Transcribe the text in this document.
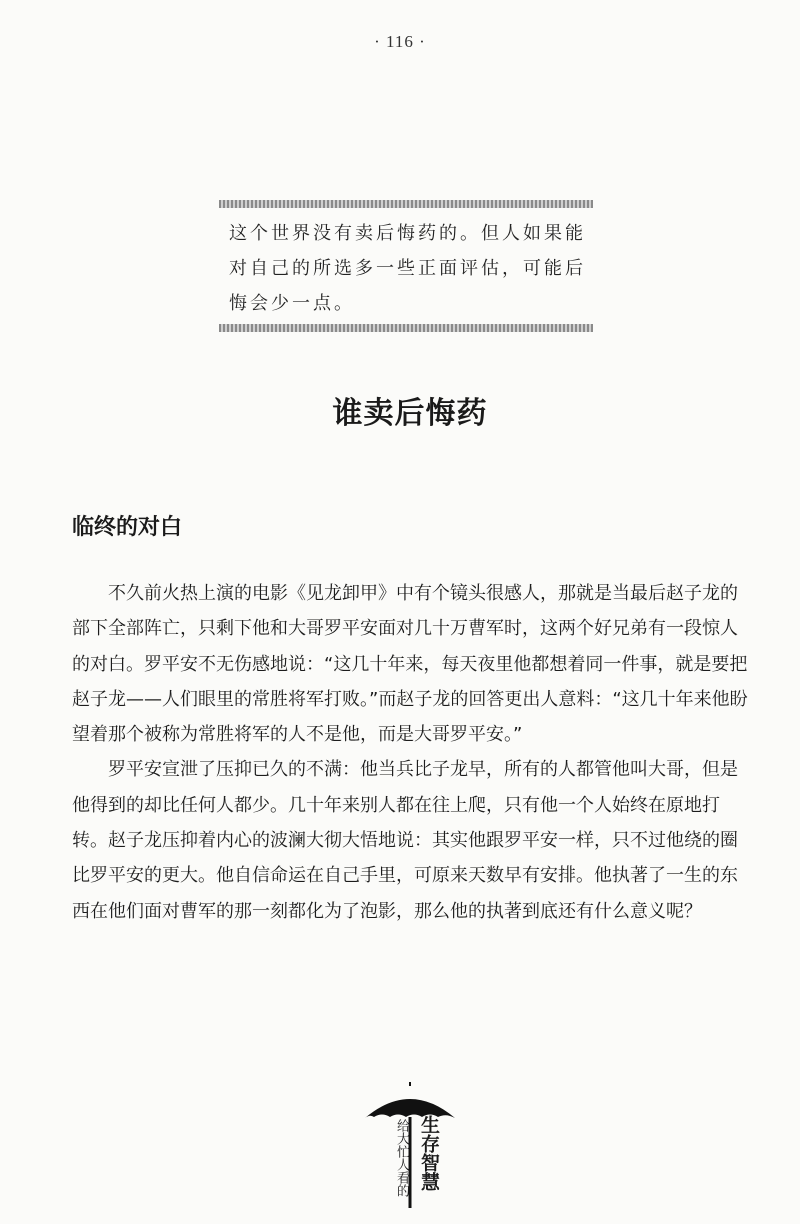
· 116 ·
这个世界没有卖后悔药的。但人如果能对自己的所选多一些正面评估，可能后悔会少一点。
谁卖后悔药
临终的对白

不久前火热上演的电影《见龙卸甲》中有个镜头很感人，那就是当最后赵子龙的部下全部阵亡，只剩下他和大哥罗平安面对几十万曹军时，这两个好兄弟有一段惊人的对白。罗平安不无伤感地说：“这几十年来，每天夜里他都想着同一件事，就是要把赵子龙——人们眼里的常胜将军打败。”而赵子龙的回答更出人意料：“这几十年来他盼望着那个被称为常胜将军的人不是他，而是大哥罗平安。”

罗平安宣泄了压抑已久的不满：他当兵比子龙早，所有的人都管他叫大哥，但是他得到的却比任何人都少。几十年来别人都在往上爬，只有他一个人始终在原地打转。赵子龙压抑着内心的波澜大彻大悟地说：其实他跟罗平安一样，只不过他绕的圈比罗平安的更大。他自信命运在自己手里，可原来天数早有安排。他执著了一生的东西在他们面对曹军的那一刻都化为了泡影，那么他的执著到底还有什么意义呢？

生存智慧
给大忙人看的
